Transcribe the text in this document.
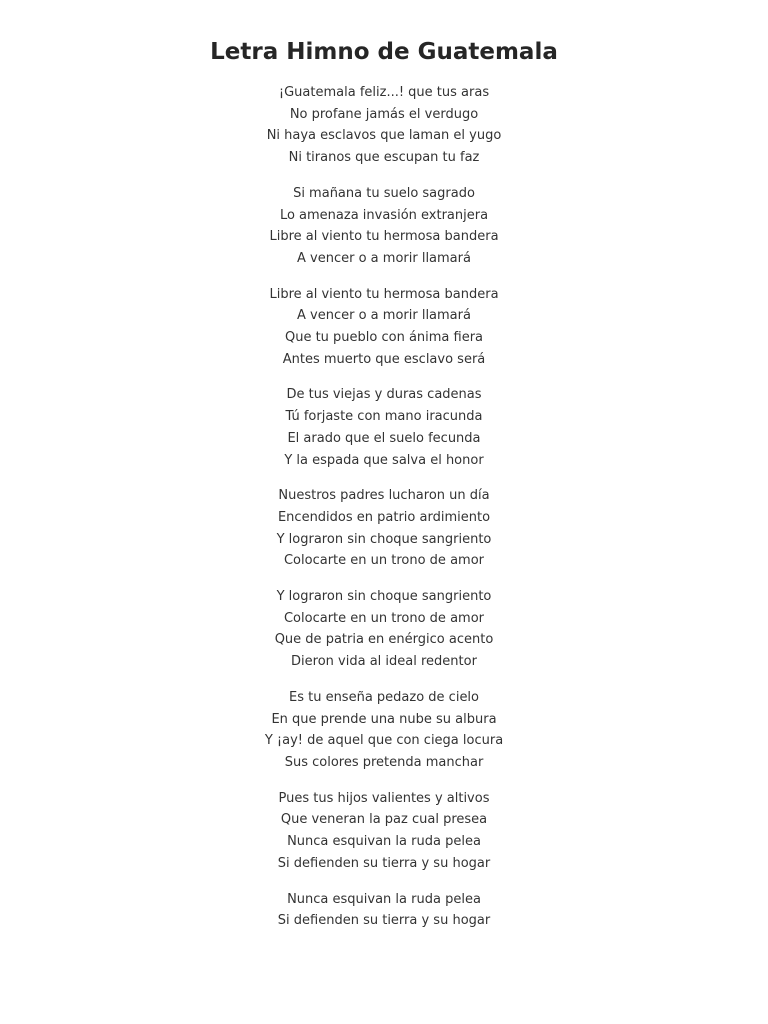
Letra Himno de Guatemala
¡Guatemala feliz...! que tus aras
No profane jamás el verdugo
Ni haya esclavos que laman el yugo
Ni tiranos que escupan tu faz
Si mañana tu suelo sagrado
Lo amenaza invasión extranjera
Libre al viento tu hermosa bandera
A vencer o a morir llamará
Libre al viento tu hermosa bandera
A vencer o a morir llamará
Que tu pueblo con ánima fiera
Antes muerto que esclavo será
De tus viejas y duras cadenas
Tú forjaste con mano iracunda
El arado que el suelo fecunda
Y la espada que salva el honor
Nuestros padres lucharon un día
Encendidos en patrio ardimiento
Y lograron sin choque sangriento
Colocarte en un trono de amor
Y lograron sin choque sangriento
Colocarte en un trono de amor
Que de patria en enérgico acento
Dieron vida al ideal redentor
Es tu enseña pedazo de cielo
En que prende una nube su albura
Y ¡ay! de aquel que con ciega locura
Sus colores pretenda manchar
Pues tus hijos valientes y altivos
Que veneran la paz cual presea
Nunca esquivan la ruda pelea
Si defienden su tierra y su hogar
Nunca esquivan la ruda pelea
Si defienden su tierra y su hogar
